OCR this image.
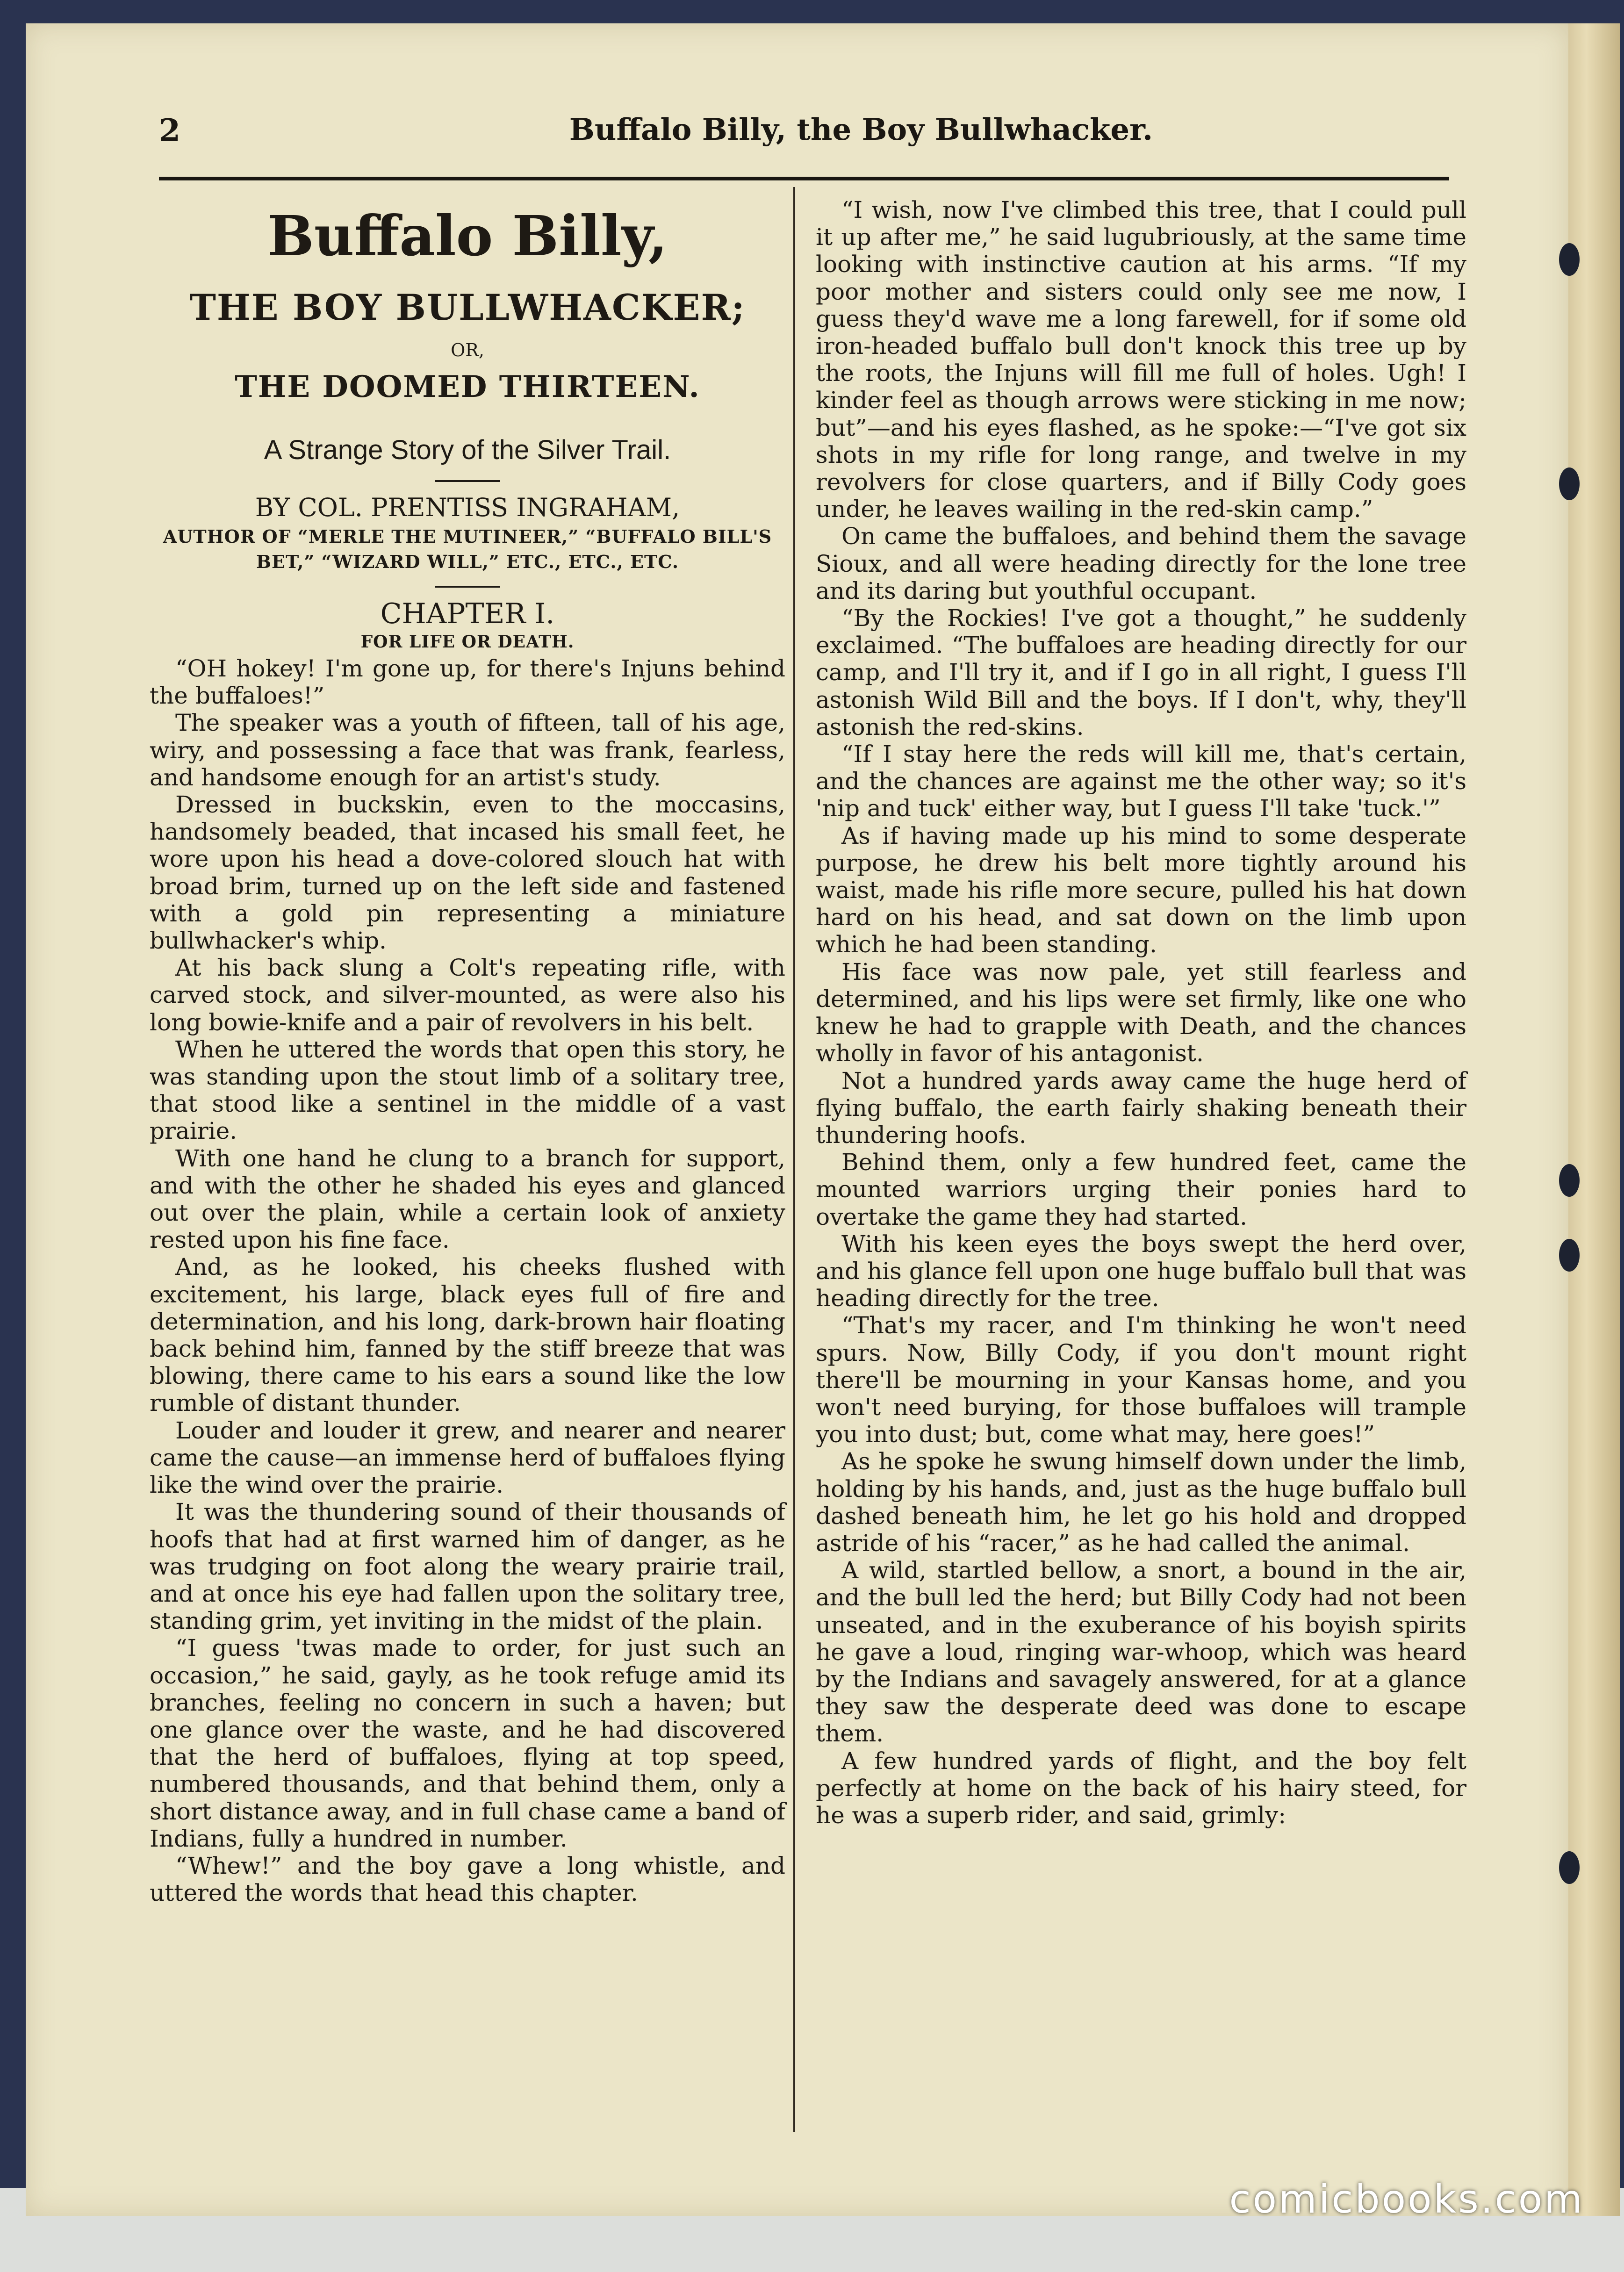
2	Buffalo Billy, the Boy Bullwhacker.
Buffalo Billy,
THE BOY BULLWHACKER;
OR,
THE DOOMED THIRTEEN.
A Strange Story of the Silver Trail.
BY COL. PRENTISS INGRAHAM,
AUTHOR OF “MERLE THE MUTINEER,” “BUFFALO BILL'S BET,” “WIZARD WILL,” ETC., ETC., ETC.
CHAPTER I.
FOR LIFE OR DEATH.

“OH hokey! I'm gone up, for there's Injuns behind the buffaloes!”

The speaker was a youth of fifteen, tall of his age, wiry, and possessing a face that was frank, fearless, and handsome enough for an artist's study.

Dressed in buckskin, even to the moccasins, handsomely beaded, that incased his small feet, he wore upon his head a dove-colored slouch hat with broad brim, turned up on the left side and fastened with a gold pin representing a miniature bullwhacker's whip.

At his back slung a Colt's repeating rifle, with carved stock, and silver-mounted, as were also his long bowie-knife and a pair of revolvers in his belt.

When he uttered the words that open this story, he was standing upon the stout limb of a solitary tree, that stood like a sentinel in the middle of a vast prairie.

With one hand he clung to a branch for support, and with the other he shaded his eyes and glanced out over the plain, while a certain look of anxiety rested upon his fine face.

And, as he looked, his cheeks flushed with excitement, his large, black eyes full of fire and determination, and his long, dark-brown hair floating back behind him, fanned by the stiff breeze that was blowing, there came to his ears a sound like the low rumble of distant thunder.

Louder and louder it grew, and nearer and nearer came the cause—an immense herd of buffaloes flying like the wind over the prairie.

It was the thundering sound of their thousands of hoofs that had at first warned him of danger, as he was trudging on foot along the weary prairie trail, and at once his eye had fallen upon the solitary tree, standing grim, yet inviting in the midst of the plain.

“I guess 'twas made to order, for just such an occasion,” he said, gayly, as he took refuge amid its branches, feeling no concern in such a haven; but one glance over the waste, and he had discovered that the herd of buffaloes, flying at top speed, numbered thousands, and that behind them, only a short distance away, and in full chase came a band of Indians, fully a hundred in number.

“Whew!” and the boy gave a long whistle, and uttered the words that head this chapter.

“I wish, now I've climbed this tree, that I could pull it up after me,” he said lugubriously, at the same time looking with instinctive caution at his arms. “If my poor mother and sisters could only see me now, I guess they'd wave me a long farewell, for if some old iron-headed buffalo bull don't knock this tree up by the roots, the Injuns will fill me full of holes. Ugh! I kinder feel as though arrows were sticking in me now; but”—and his eyes flashed, as he spoke:—“I've got six shots in my rifle for long range, and twelve in my revolvers for close quarters, and if Billy Cody goes under, he leaves wailing in the red-skin camp.”

On came the buffaloes, and behind them the savage Sioux, and all were heading directly for the lone tree and its daring but youthful occupant.

“By the Rockies! I've got a thought,” he suddenly exclaimed. “The buffaloes are heading directly for our camp, and I'll try it, and if I go in all right, I guess I'll astonish Wild Bill and the boys. If I don't, why, they'll astonish the red-skins.

“If I stay here the reds will kill me, that's certain, and the chances are against me the other way; so it's 'nip and tuck' either way, but I guess I'll take 'tuck.'”

As if having made up his mind to some desperate purpose, he drew his belt more tightly around his waist, made his rifle more secure, pulled his hat down hard on his head, and sat down on the limb upon which he had been standing.

His face was now pale, yet still fearless and determined, and his lips were set firmly, like one who knew he had to grapple with Death, and the chances wholly in favor of his antagonist.

Not a hundred yards away came the huge herd of flying buffalo, the earth fairly shaking beneath their thundering hoofs.

Behind them, only a few hundred feet, came the mounted warriors urging their ponies hard to overtake the game they had started.

With his keen eyes the boys swept the herd over, and his glance fell upon one huge buffalo bull that was heading directly for the tree.

“That's my racer, and I'm thinking he won't need spurs. Now, Billy Cody, if you don't mount right there'll be mourning in your Kansas home, and you won't need burying, for those buffaloes will trample you into dust; but, come what may, here goes!”

As he spoke he swung himself down under the limb, holding by his hands, and, just as the huge buffalo bull dashed beneath him, he let go his hold and dropped astride of his “racer,” as he had called the animal.

A wild, startled bellow, a snort, a bound in the air, and the bull led the herd; but Billy Cody had not been unseated, and in the exuberance of his boyish spirits he gave a loud, ringing war-whoop, which was heard by the Indians and savagely answered, for at a glance they saw the desperate deed was done to escape them.

A few hundred yards of flight, and the boy felt perfectly at home on the back of his hairy steed, for he was a superb rider, and said, grimly:

comicbooks.com
